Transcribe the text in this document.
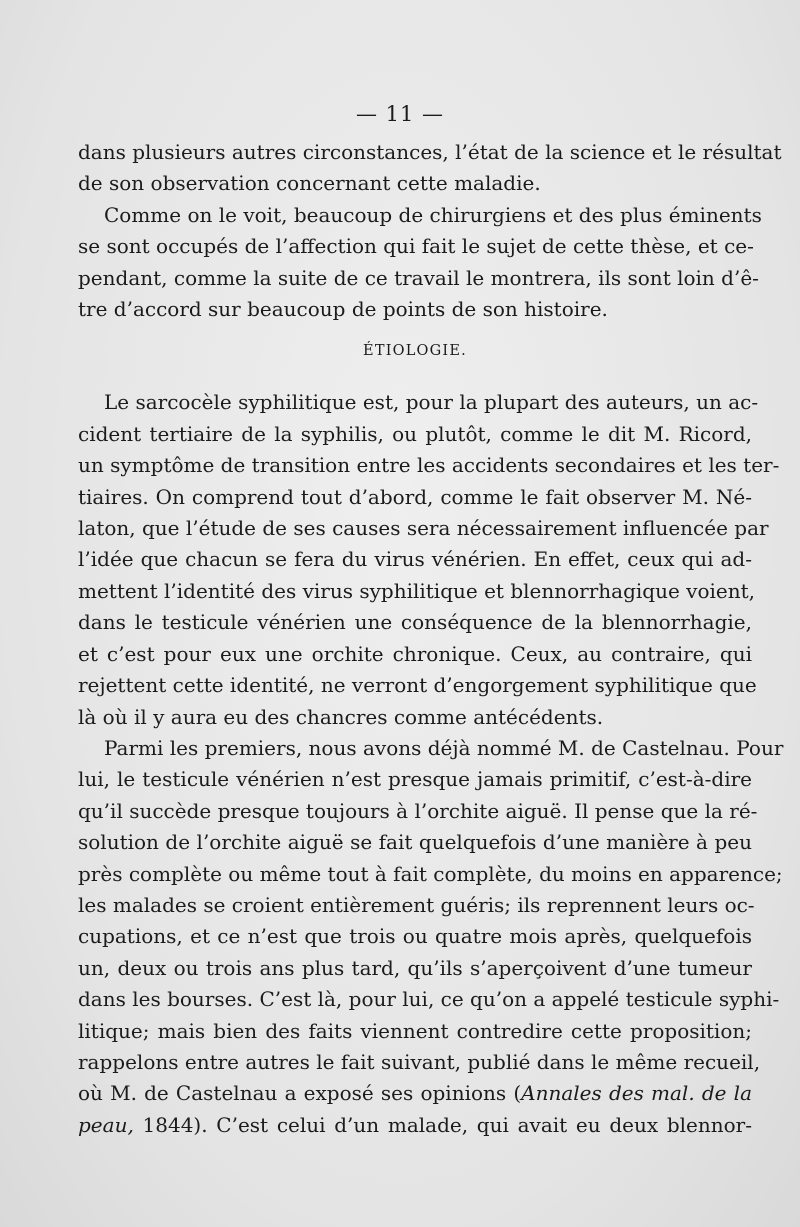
— 11 —

dans plusieurs autres circonstances, l’état de la science et le résultat
de son observation concernant cette maladie.

Comme on le voit, beaucoup de chirurgiens et des plus éminents
se sont occupés de l’affection qui fait le sujet de cette thèse, et ce-
pendant, comme la suite de ce travail le montrera, ils sont loin d’ê-
tre d’accord sur beaucoup de points de son histoire.

ÉTIOLOGIE.

Le sarcocèle syphilitique est, pour la plupart des auteurs, un ac-
cident tertiaire de la syphilis, ou plutôt, comme le dit M. Ricord,
un symptôme de transition entre les accidents secondaires et les ter-
tiaires. On comprend tout d’abord, comme le fait observer M. Né-
laton, que l’étude de ses causes sera nécessairement influencée par
l’idée que chacun se fera du virus vénérien. En effet, ceux qui ad-
mettent l’identité des virus syphilitique et blennorrhagique voient,
dans le testicule vénérien une conséquence de la blennorrhagie,
et c’est pour eux une orchite chronique. Ceux, au contraire, qui
rejettent cette identité, ne verront d’engorgement syphilitique que
là où il y aura eu des chancres comme antécédents.

Parmi les premiers, nous avons déjà nommé M. de Castelnau. Pour
lui, le testicule vénérien n’est presque jamais primitif, c’est-à-dire
qu’il succède presque toujours à l’orchite aiguë. Il pense que la ré-
solution de l’orchite aiguë se fait quelquefois d’une manière à peu
près complète ou même tout à fait complète, du moins en apparence;
les malades se croient entièrement guéris; ils reprennent leurs oc-
cupations, et ce n’est que trois ou quatre mois après, quelquefois
un, deux ou trois ans plus tard, qu’ils s’aperçoivent d’une tumeur
dans les bourses. C’est là, pour lui, ce qu’on a appelé testicule syphi-
litique; mais bien des faits viennent contredire cette proposition;
rappelons entre autres le fait suivant, publié dans le même recueil,
où M. de Castelnau a exposé ses opinions (Annales des mal. de la
peau, 1844). C’est celui d’un malade, qui avait eu deux blennor-
